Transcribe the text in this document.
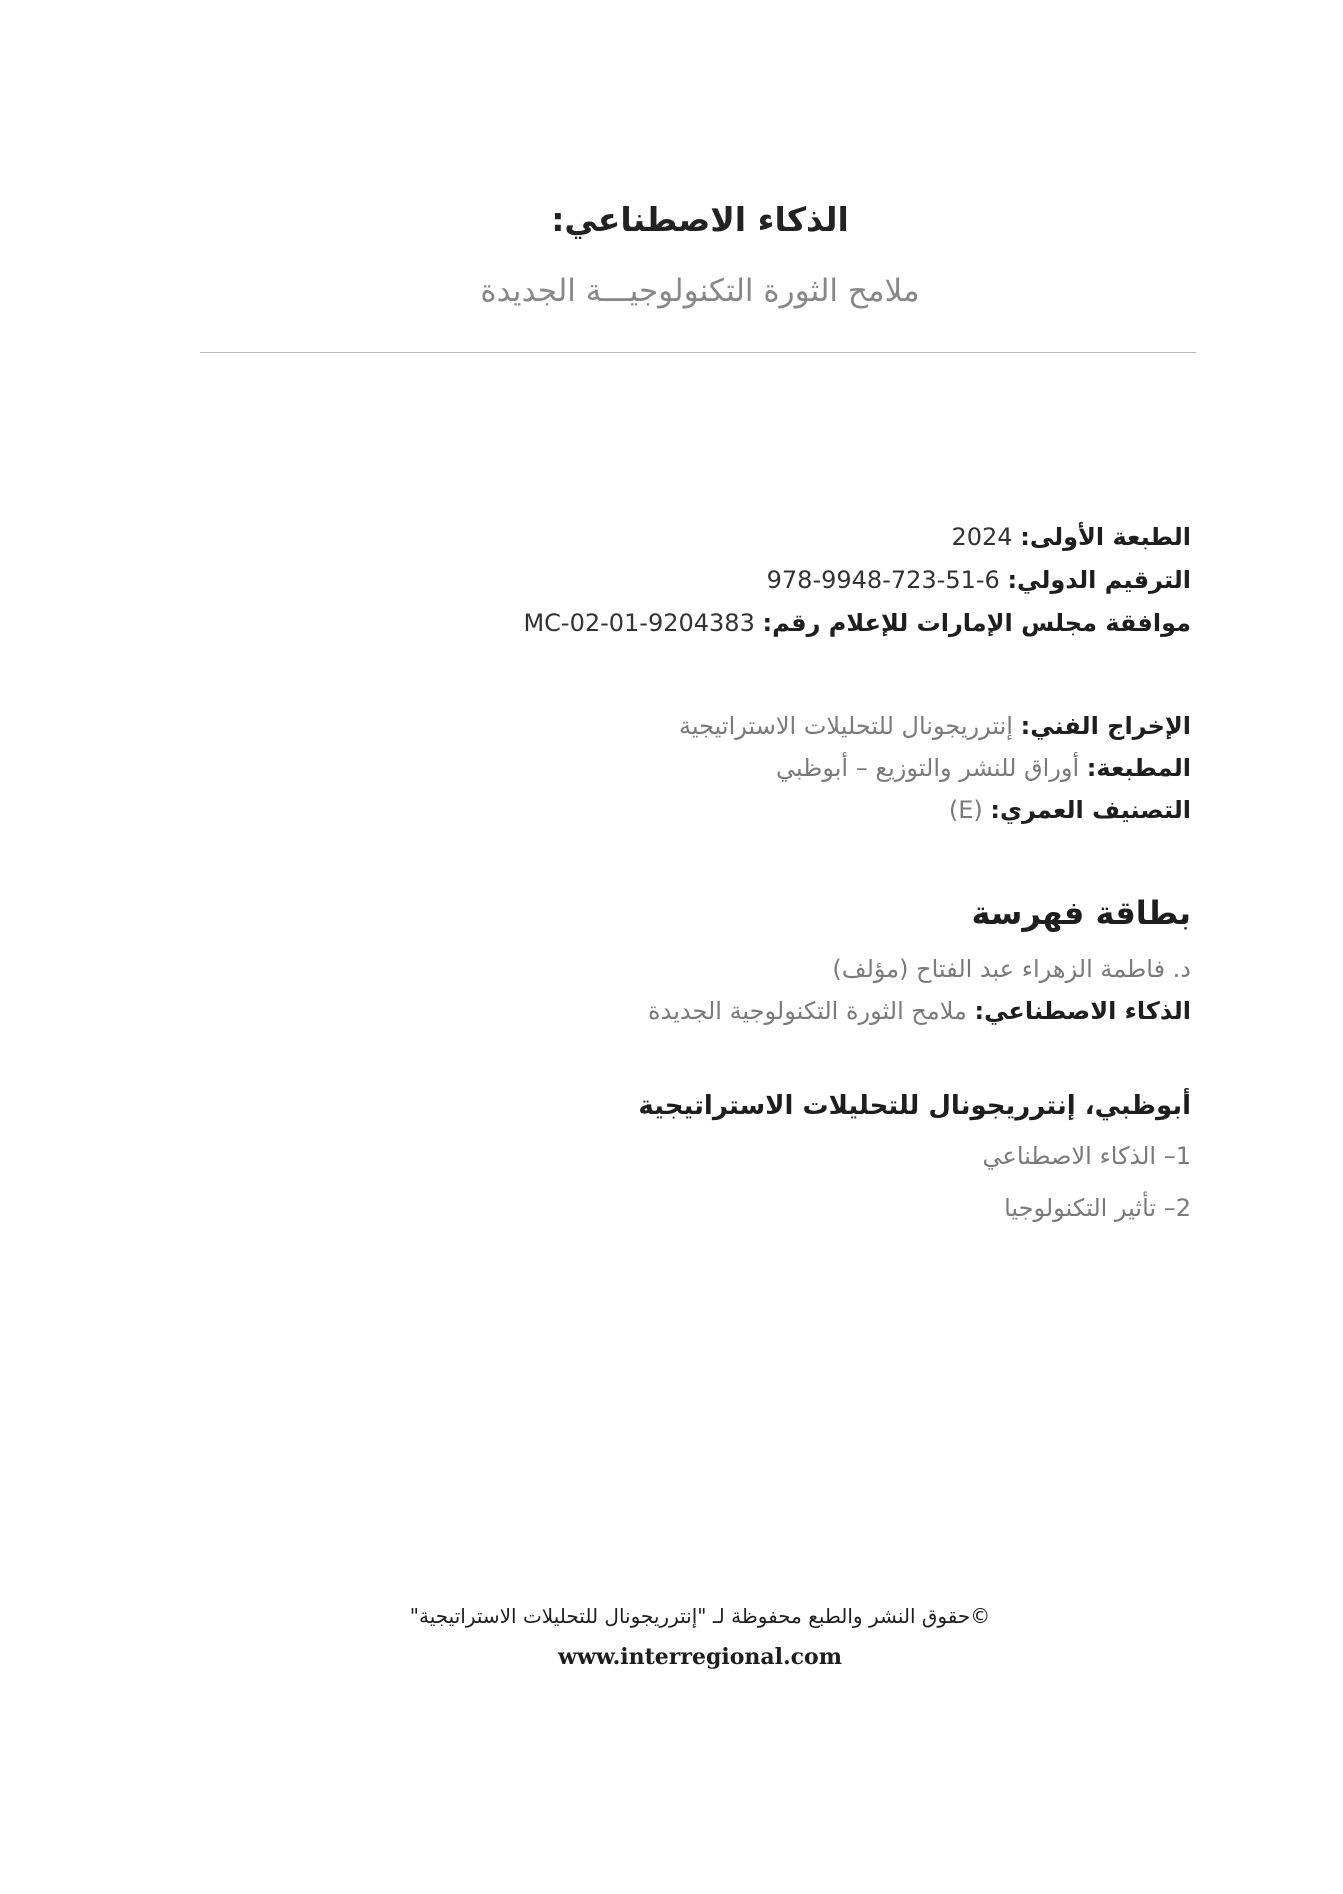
الذكاء الاصطناعي:
ملامح الثورة التكنولوجيـــة الجديدة
الطبعة الأولى: 2024
الترقيم الدولي: 978-9948-723-51-6
موافقة مجلس الإمارات للإعلام رقم: MC-02-01-9204383
الإخراج الفني: إنترريجونال للتحليلات الاستراتيجية
المطبعة: أوراق للنشر والتوزيع – أبوظبي
التصنيف العمري: (E)
بطاقة فهرسة
د. فاطمة الزهراء عبد الفتاح (مؤلف)
الذكاء الاصطناعي: ملامح الثورة التكنولوجية الجديدة
أبوظبي، إنترريجونال للتحليلات الاستراتيجية
1– الذكاء الاصطناعي
2– تأثير التكنولوجيا
©حقوق النشر والطبع محفوظة لـ "إنترريجونال للتحليلات الاستراتيجية"
www.interregional.com
